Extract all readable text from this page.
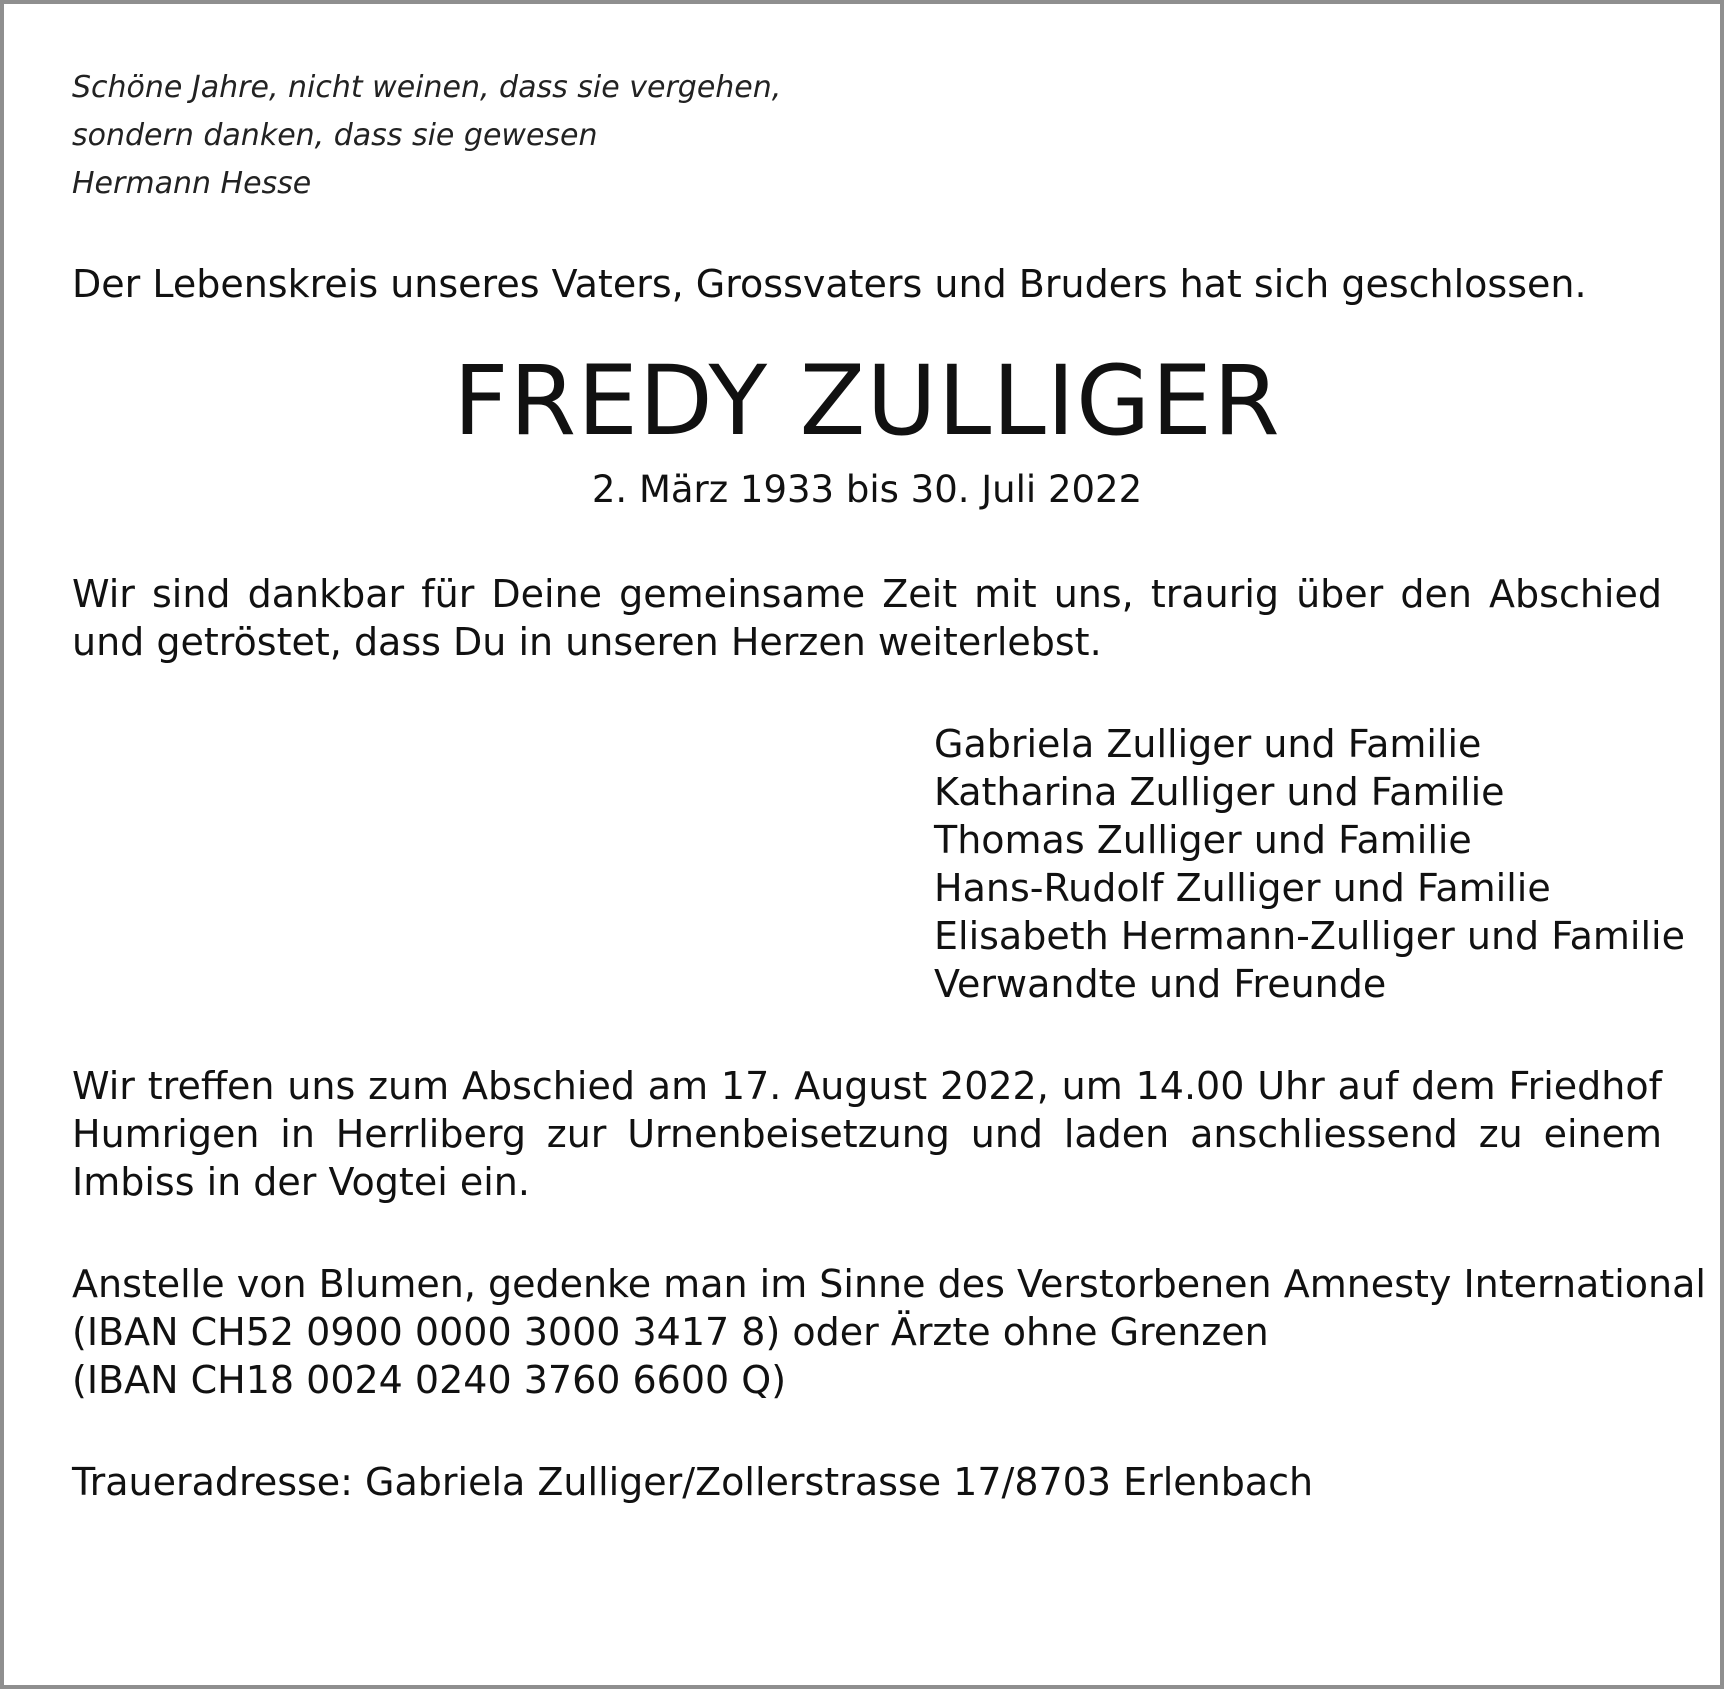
Schöne Jahre, nicht weinen, dass sie vergehen,
sondern danken, dass sie gewesen
Hermann Hesse
Der Lebenskreis unseres Vaters, Grossvaters und Bruders hat sich geschlossen.
FREDY ZULLIGER
2. März 1933 bis 30. Juli 2022
Wir sind dankbar für Deine gemeinsame Zeit mit uns, traurig über den Abschied und getröstet, dass Du in unseren Herzen weiterlebst.
Gabriela Zulliger und Familie
Katharina Zulliger und Familie
Thomas Zulliger und Familie
Hans-Rudolf Zulliger und Familie
Elisabeth Hermann-Zulliger und Familie
Verwandte und Freunde
Wir treffen uns zum Abschied am 17. August 2022, um 14.00 Uhr auf dem Friedhof Humrigen in Herrliberg zur Urnenbeisetzung und laden anschliessend zu einem Imbiss in der Vogtei ein.
Anstelle von Blumen, gedenke man im Sinne des Verstorbenen Amnesty International
(IBAN CH52 0900 0000 3000 3417 8) oder Ärzte ohne Grenzen
(IBAN CH18 0024 0240 3760 6600 Q)
Traueradresse: Gabriela Zulliger/Zollerstrasse 17/8703 Erlenbach
